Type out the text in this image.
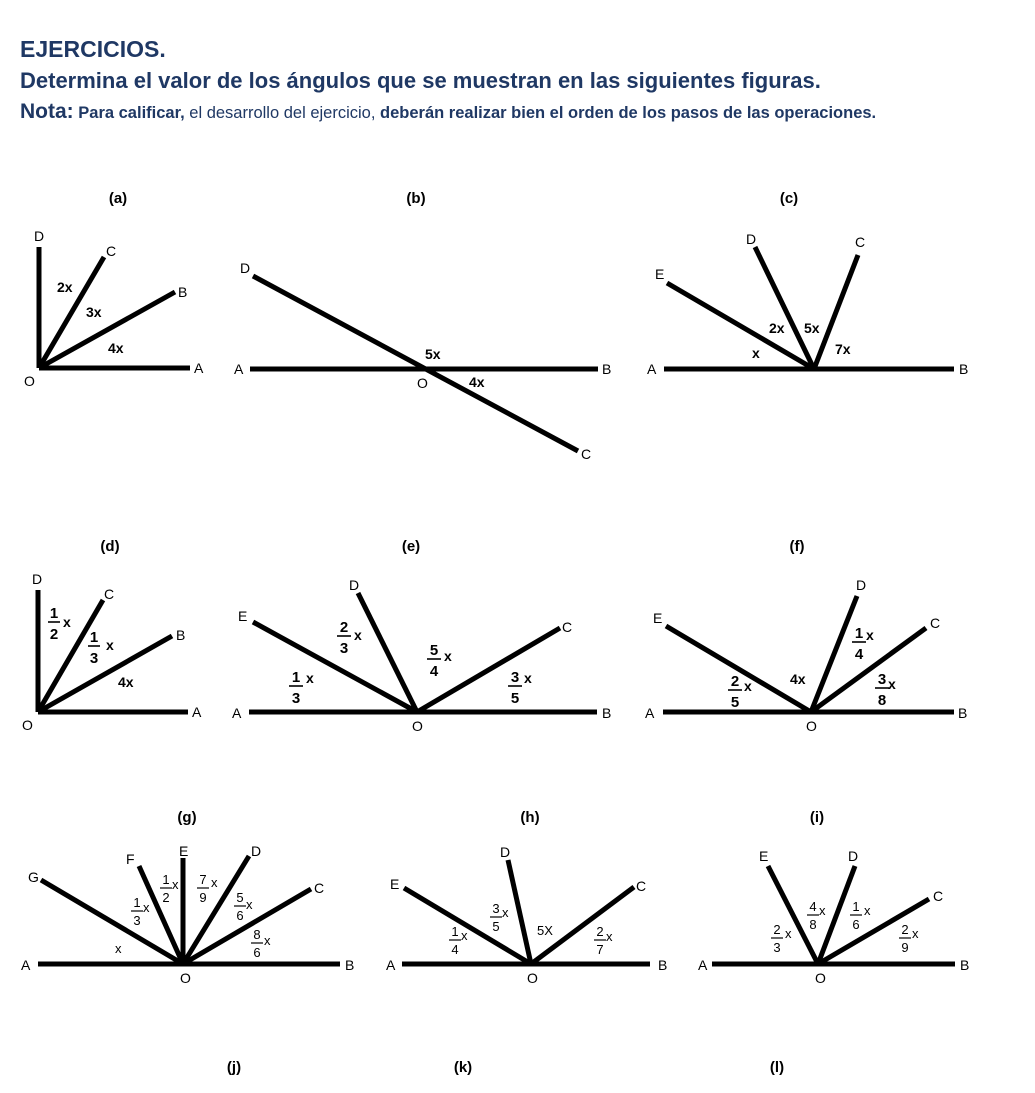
EJERCICIOS.

Determina el valor de los ángulos que se muestran en las siguientes figuras.

Nota: Para calificar, el desarrollo del ejercicio, deberán realizar bien el orden de los pasos de las operaciones.

(a)	(b)	(c)
(d)	(e)	(f)
(g)	(h)	(i)
(j)	(k)	(l)
D
C
B
A
O
2x
3x
4x
D
A	B
O
C
5x
4x
D	C
E
A	B
2x 5x
x	7x
D
C
B
A
O
1
2
x
1
3
x
4x
D
E
C
A	B
O
2
3
x
5
4
x
1
3
x	3
5
x
D
E	C
A	B
O
1
4
x
2
5
x	4x	3
8
x
G
F	E	D
C
A	B
O
1
2
x 7
9
x
1
3
x
5
6
x
8
6
x
x
D
E	C
A	B
O
3
5
x
5X
1
4
x	2
7
x
E	D
C
A	B
O
4
8
x 1
6
x
2
3
x	2
9
x
